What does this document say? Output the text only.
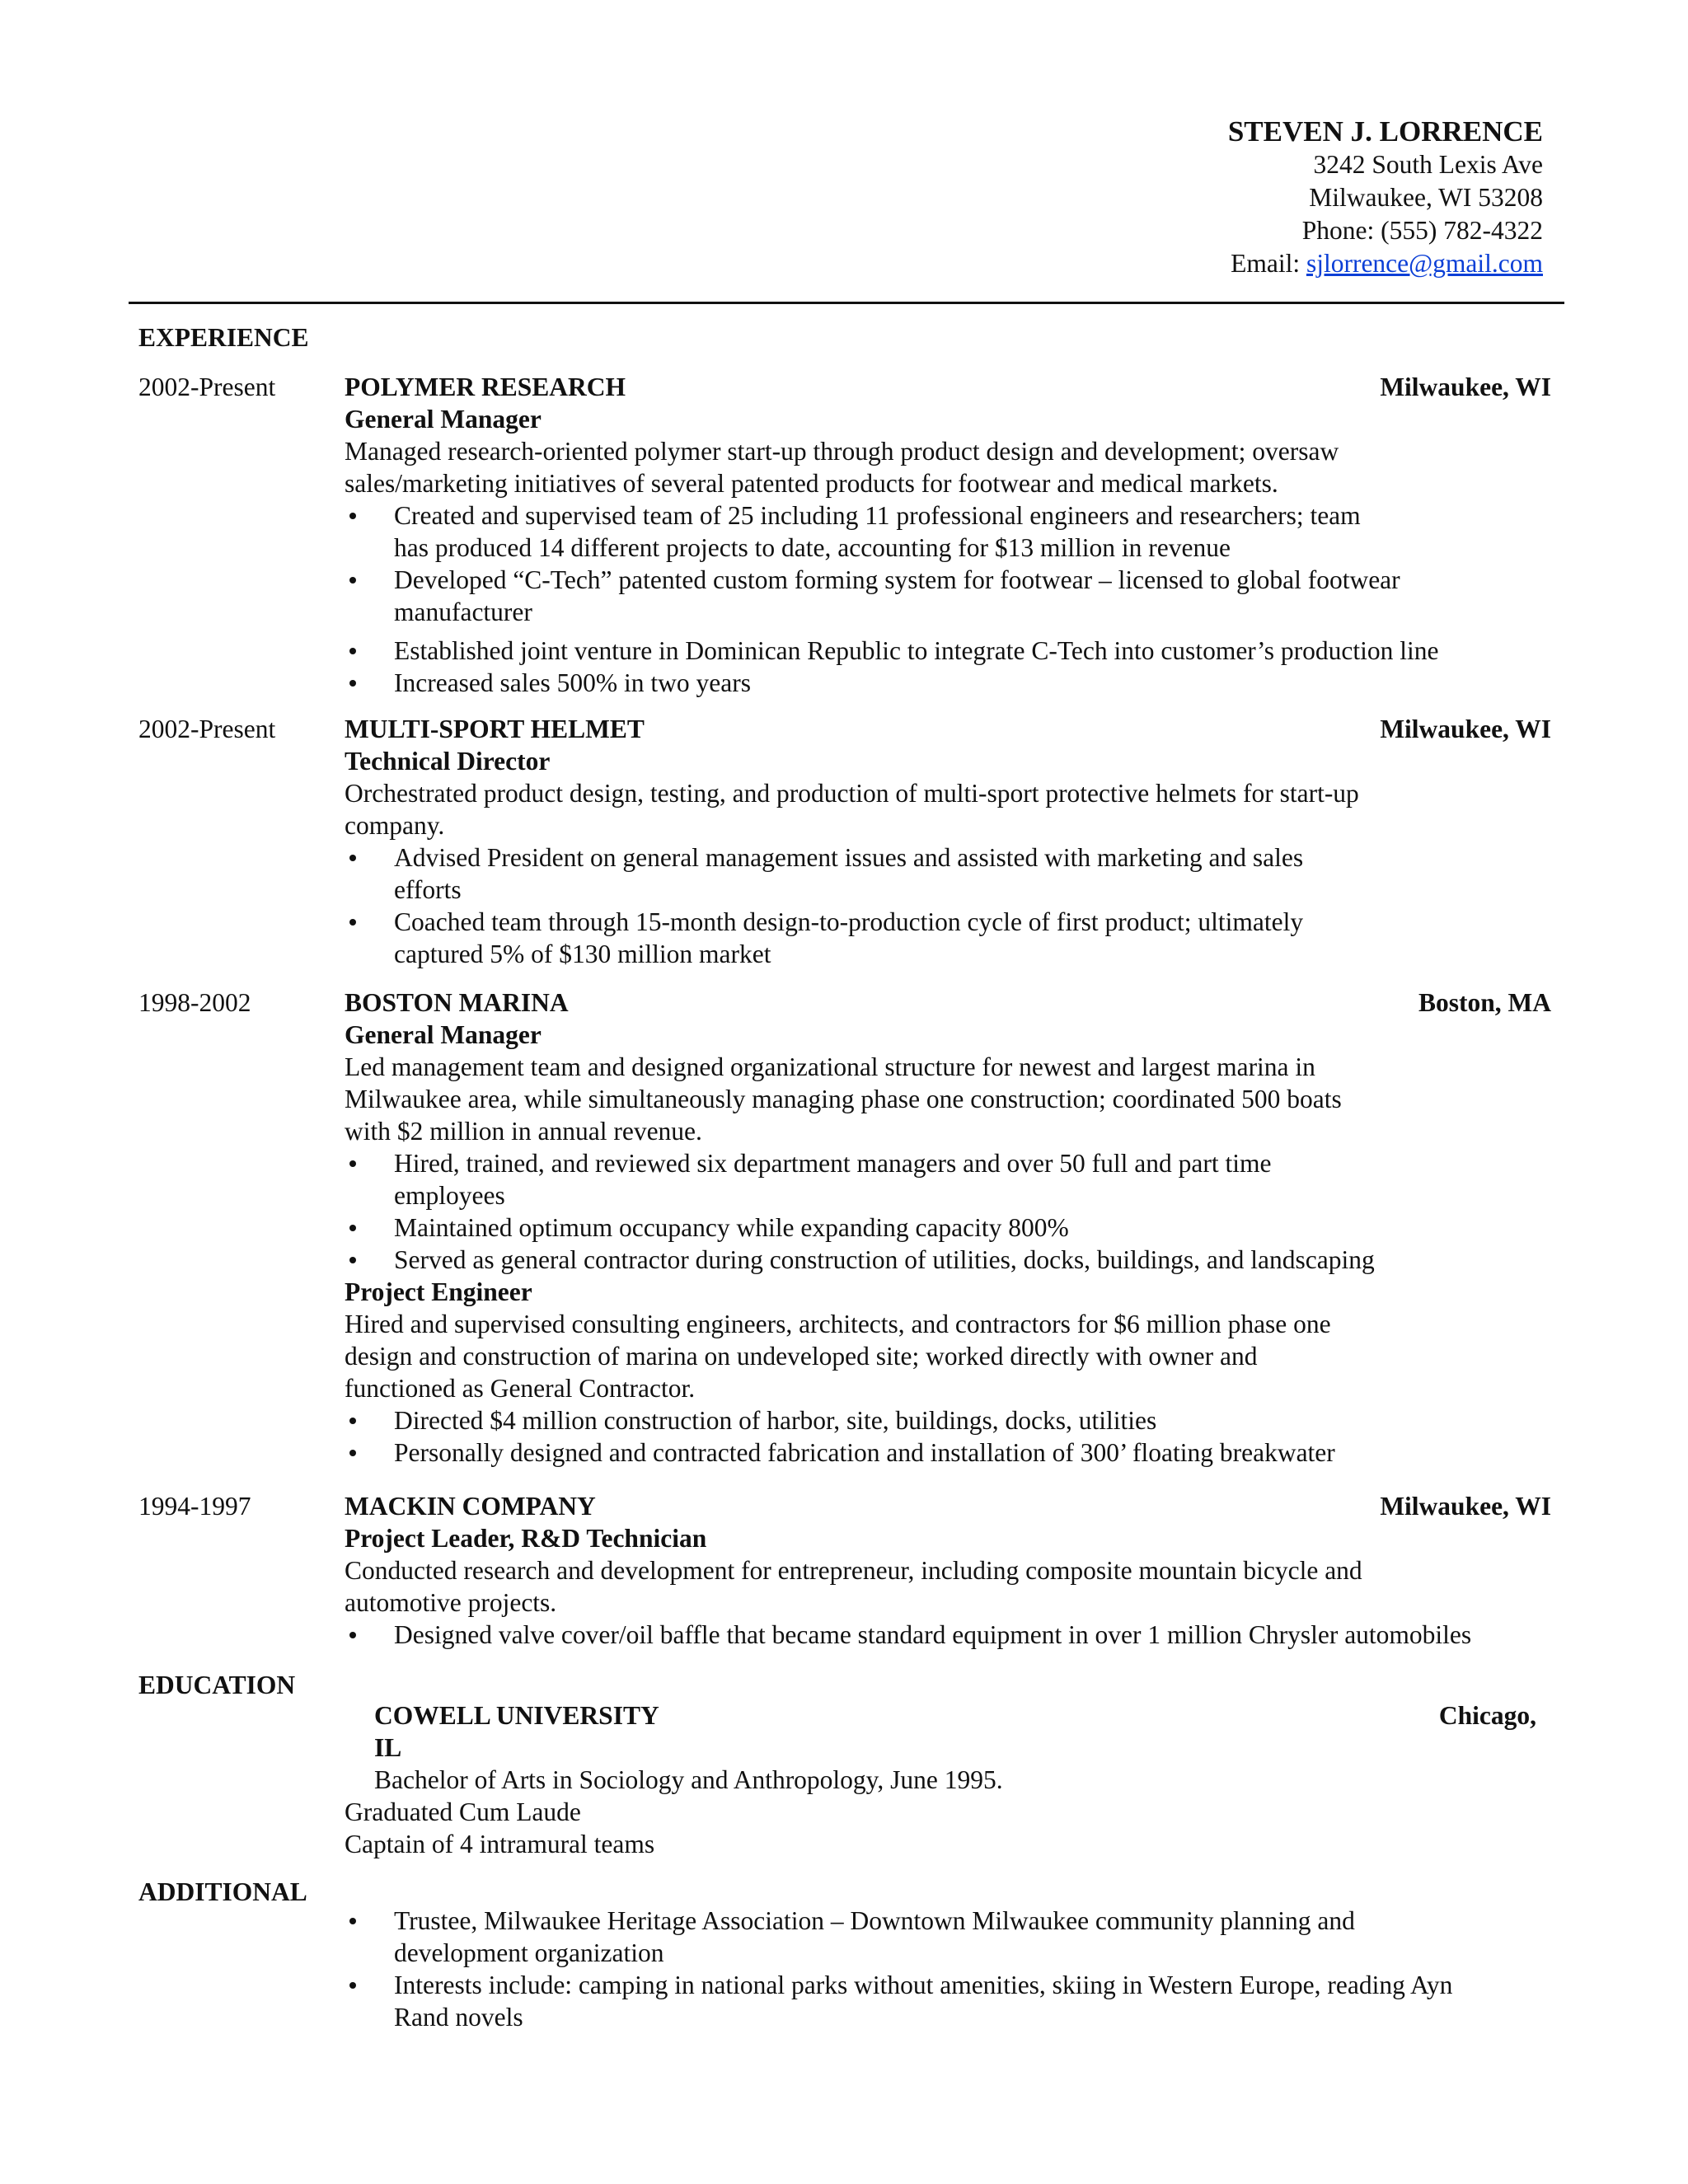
STEVEN J. LORRENCE
3242 South Lexis Ave
Milwaukee, WI 53208
Phone: (555) 782-4322
Email: sjlorrence@gmail.com
EXPERIENCE
2002-Present	POLYMER RESEARCH	Milwaukee, WI
General Manager
Managed research-oriented polymer start-up through product design and development; oversaw
sales/marketing initiatives of several patented products for footwear and medical markets.
Created and supervised team of 25 including 11 professional engineers and researchers; team
has produced 14 different projects to date, accounting for $13 million in revenue
Developed “C-Tech” patented custom forming system for footwear – licensed to global footwear
manufacturer
Established joint venture in Dominican Republic to integrate C-Tech into customer’s production line
Increased sales 500% in two years
2002-Present	MULTI-SPORT HELMET	Milwaukee, WI
Technical Director
Orchestrated product design, testing, and production of multi-sport protective helmets for start-up
company.
Advised President on general management issues and assisted with marketing and sales
efforts
Coached team through 15-month design-to-production cycle of first product; ultimately
captured 5% of $130 million market
1998-2002	BOSTON MARINA	Boston, MA
General Manager
Led management team and designed organizational structure for newest and largest marina in
Milwaukee area, while simultaneously managing phase one construction; coordinated 500 boats
with $2 million in annual revenue.
Hired, trained, and reviewed six department managers and over 50 full and part time
employees
Maintained optimum occupancy while expanding capacity 800%
Served as general contractor during construction of utilities, docks, buildings, and landscaping
Project Engineer
Hired and supervised consulting engineers, architects, and contractors for $6 million phase one
design and construction of marina on undeveloped site; worked directly with owner and
functioned as General Contractor.
Directed $4 million construction of harbor, site, buildings, docks, utilities
Personally designed and contracted fabrication and installation of 300’ floating breakwater
1994-1997	MACKIN COMPANY	Milwaukee, WI
Project Leader, R&D Technician
Conducted research and development for entrepreneur, including composite mountain bicycle and
automotive projects.
Designed valve cover/oil baffle that became standard equipment in over 1 million Chrysler automobiles
EDUCATION
COWELL UNIVERSITY	Chicago,
IL
Bachelor of Arts in Sociology and Anthropology, June 1995.
Graduated Cum Laude
Captain of 4 intramural teams
ADDITIONAL
Trustee, Milwaukee Heritage Association – Downtown Milwaukee community planning and
development organization
Interests include: camping in national parks without amenities, skiing in Western Europe, reading Ayn
Rand novels
